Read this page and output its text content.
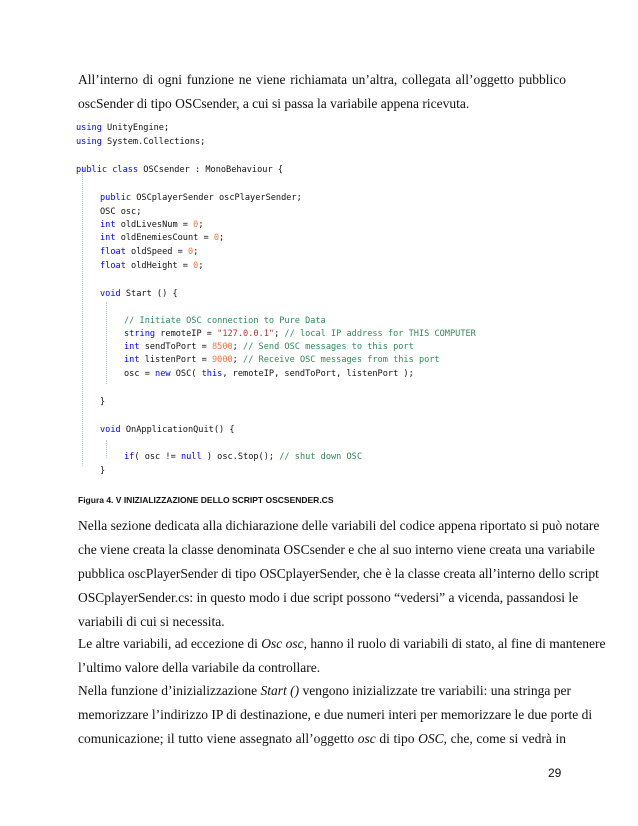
All’interno di ogni funzione ne viene richiamata un’altra, collegata all’oggetto pubblico
oscSender di tipo OSCsender, a cui si passa la variabile appena ricevuta.
using UnityEngine;
using System.Collections;
public class OSCsender : MonoBehaviour {
public OSCplayerSender oscPlayerSender;
OSC osc;
int oldLivesNum = 0;
int oldEnemiesCount = 0;
float oldSpeed = 0;
float oldHeight = 0;
void Start () {
// Initiate OSC connection to Pure Data
string remoteIP = "127.0.0.1"; // local IP address for THIS COMPUTER
int sendToPort = 8500; // Send OSC messages to this port
int listenPort = 9000; // Receive OSC messages from this port
osc = new OSC( this, remoteIP, sendToPort, listenPort );
}
void OnApplicationQuit() {
if( osc != null ) osc.Stop(); // shut down OSC
}
Figura 4. V INIZIALIZZAZIONE DELLO SCRIPT OSCSENDER.CS
Nella sezione dedicata alla dichiarazione delle variabili del codice appena riportato si può notare
che viene creata la classe denominata OSCsender e che al suo interno viene creata una variabile
pubblica oscPlayerSender di tipo OSCplayerSender, che è la classe creata all’interno dello script
OSCplayerSender.cs: in questo modo i due script possono “vedersi” a vicenda, passandosi le
variabili di cui si necessita.
Le altre variabili, ad eccezione di Osc osc, hanno il ruolo di variabili di stato, al fine di mantenere
l’ultimo valore della variabile da controllare.
Nella funzione d’inizializzazione Start () vengono inizializzate tre variabili: una stringa per
memorizzare l’indirizzo IP di destinazione, e due numeri interi per memorizzare le due porte di
comunicazione; il tutto viene assegnato all’oggetto osc di tipo OSC, che, come si vedrà in
29
